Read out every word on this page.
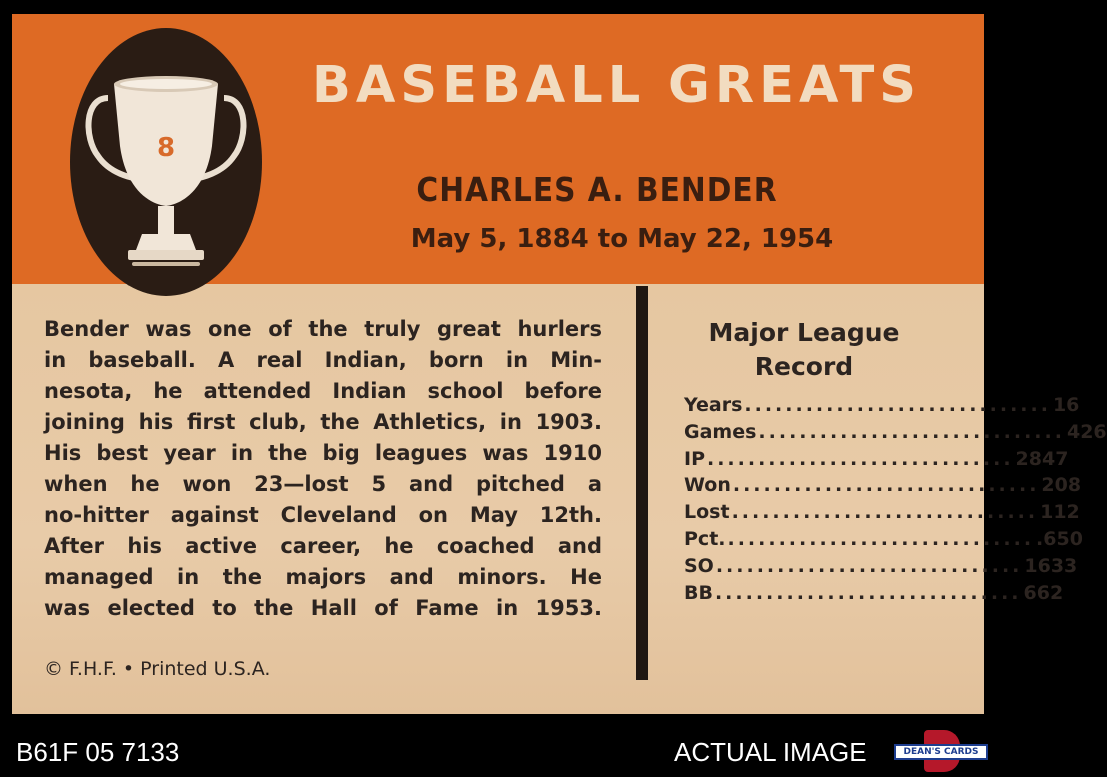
8
BASEBALL GREATS
CHARLES A. BENDER
May 5, 1884 to May 22, 1954
Bender was one of the truly great hurlers
in baseball. A real Indian, born in Min-
nesota, he attended Indian school before
joining his first club, the Athletics, in 1903.
His best year in the big leagues was 1910
when he won 23—lost 5 and pitched a
no-hitter against Cleveland on May 12th.
After his active career, he coached and
managed in the majors and minors. He
was elected to the Hall of Fame in 1953.
Major League
Record
Years .............................. 16
Games .............................. 426
IP .............................. 2847
Won .............................. 208
Lost .............................. 112
Pct. .............................. .650
SO .............................. 1633
BB .............................. 662
© F.H.F. • Printed U.S.A.
B61F 05 7133	ACTUAL IMAGE	DEAN'S CARDS
